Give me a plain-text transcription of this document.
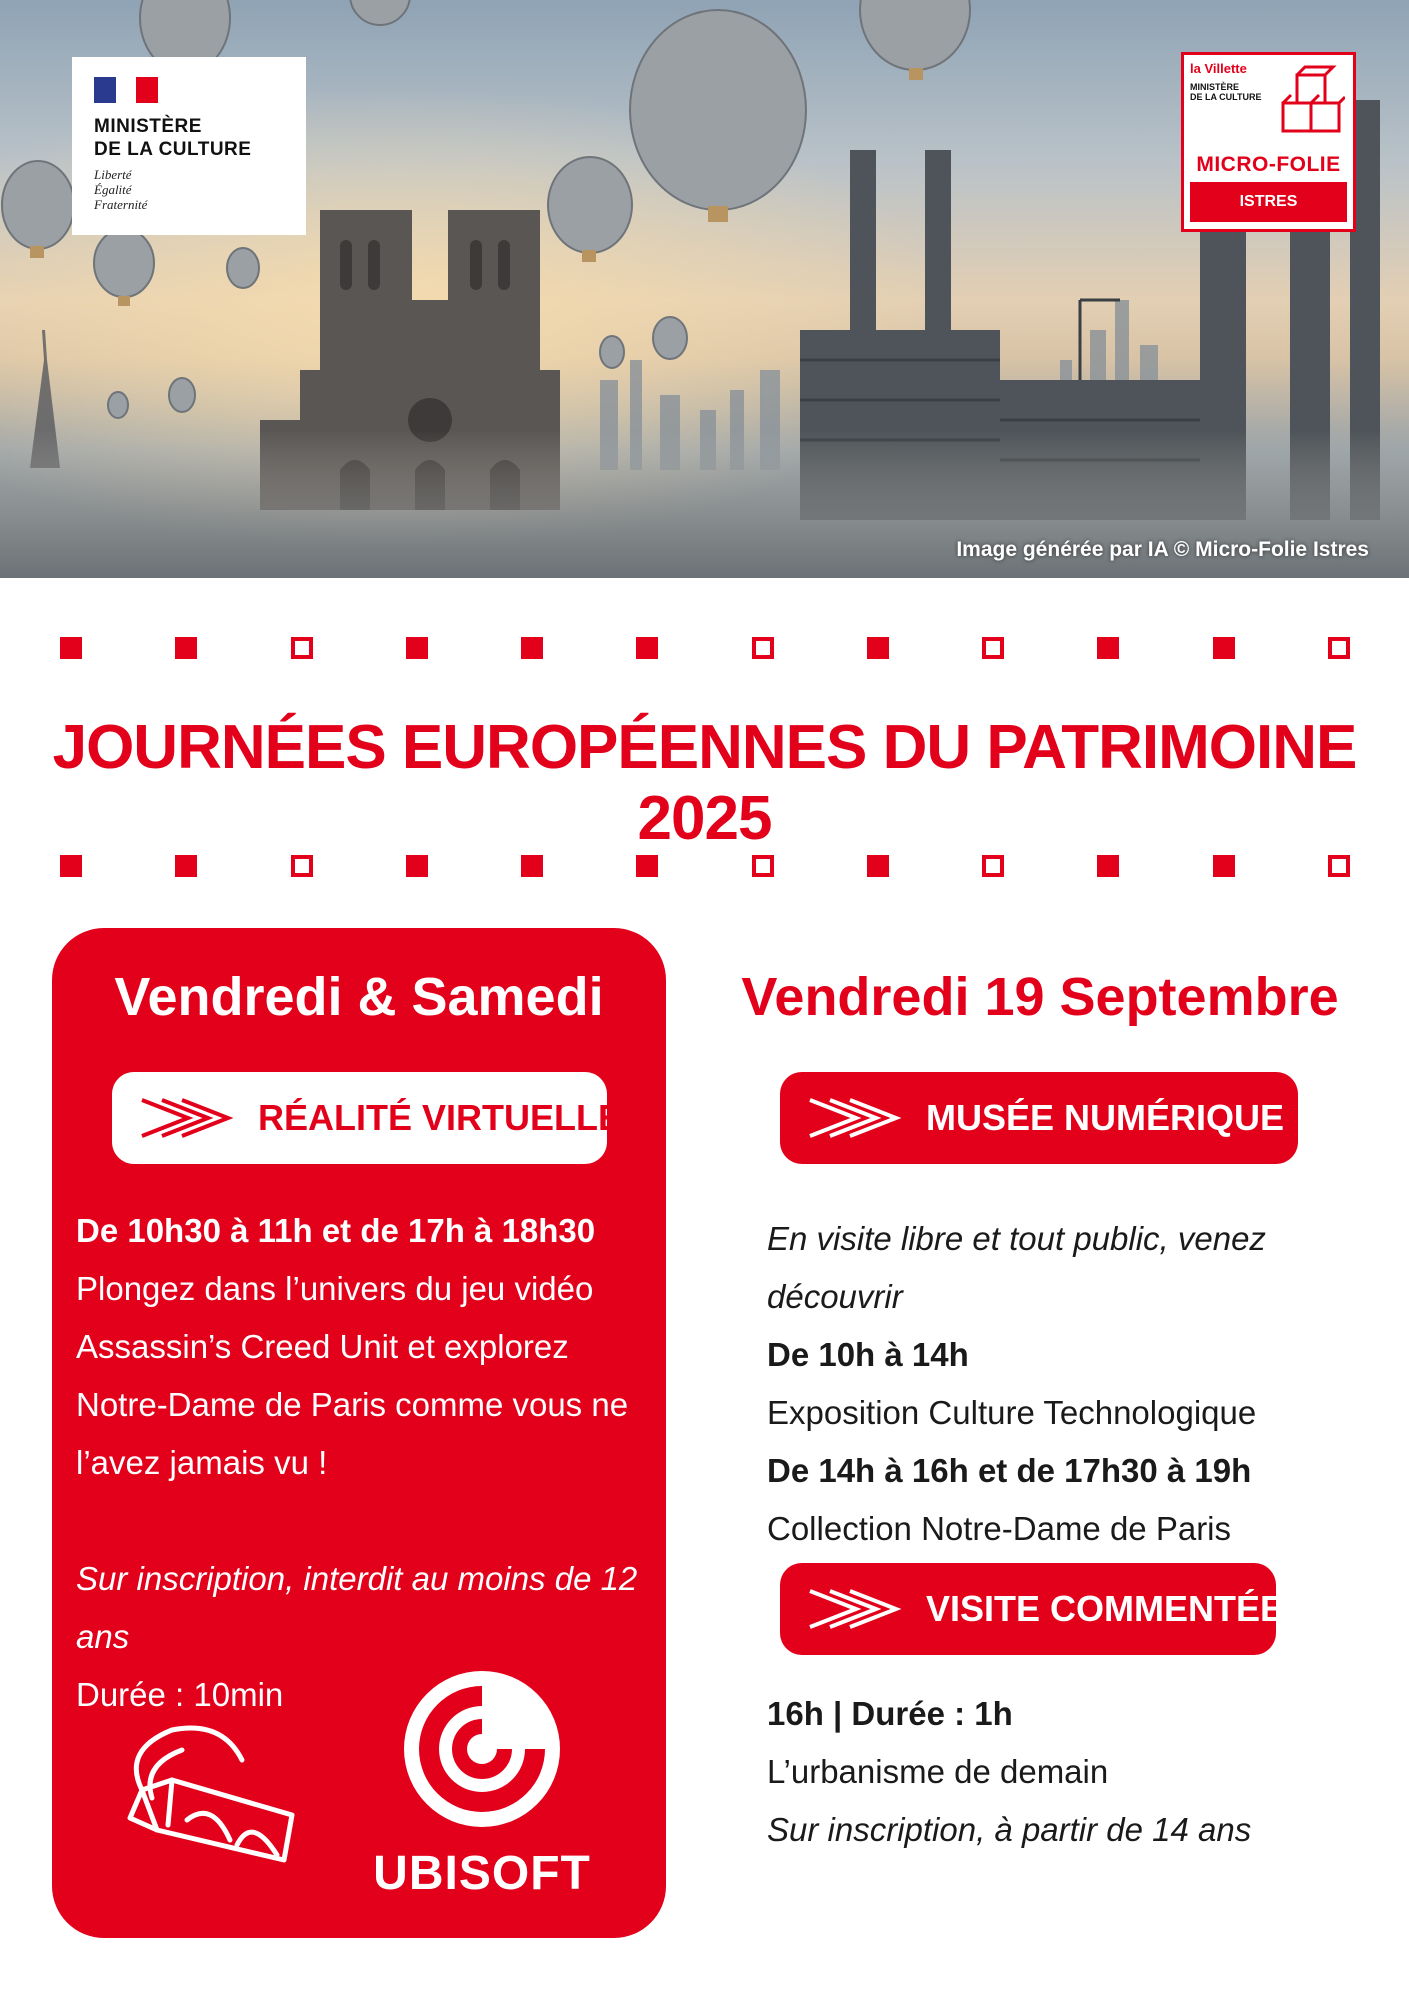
MINISTÈRE
DE LA CULTURE
Liberté
Égalité
Fraternité
la Villette
MINISTÈRE
DE LA CULTURE
MICRO-FOLIE
ISTRES
Image générée par IA © Micro-Folie Istres
JOURNÉES EUROPÉENNES DU PATRIMOINE 2025
Vendredi & Samedi
RÉALITÉ VIRTUELLE
De 10h30 à 11h et de 17h à 18h30
Plongez dans l’univers du jeu vidéo
Assassin’s Creed Unit et explorez
Notre-Dame de Paris comme vous ne
l’avez jamais vu !
Sur inscription, interdit au moins de 12 ans
Durée : 10min
UBISOFT
Vendredi 19 Septembre
MUSÉE NUMÉRIQUE
En visite libre et tout public, venez découvrir
De 10h à 14h
Exposition Culture Technologique
De 14h à 16h et de 17h30 à 19h
Collection Notre-Dame de Paris
VISITE COMMENTÉE
16h | Durée : 1h
L’urbanisme de demain
Sur inscription, à partir de 14 ans
